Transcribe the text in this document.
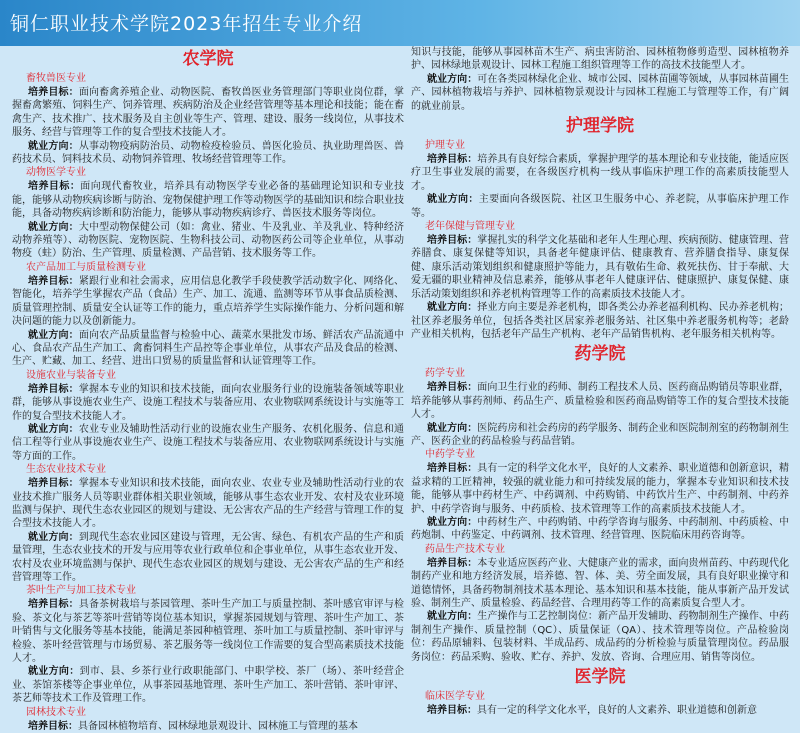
铜仁职业技术学院2023年招生专业介绍
农学院
畜牧兽医专业
培养目标：面向畜禽养殖企业、动物医院、畜牧兽医业务管理部门等职业岗位群，掌握畜禽繁殖、饲料生产、饲养管理、疾病防治及企业经营管理等基本理论和技能；能在畜禽生产、技术推广、技术服务及自主创业等生产、管理、建设、服务一线岗位，从事技术服务、经营与管理等工作的复合型技术技能人才。
就业方向：从事动物疫病防治员、动物检疫检验员、兽医化验员、执业助理兽医、兽药技术员、饲料技术员、动物饲养管理、牧场经营管理等工作。
动物医学专业
培养目标：面向现代畜牧业，培养具有动物医学专业必备的基础理论知识和专业技能，能够从动物疾病诊断与防治、宠物保健护理工作等动物医学的基础知识和综合职业技能，具备动物疾病诊断和防治能力，能够从事动物疾病诊疗、兽医技术服务等岗位。
就业方向：大中型动物保健公司（如：禽业、猪业、牛及乳业、羊及乳业、特种经济动物养殖等）、动物医院、宠物医院、生物科技公司、动物医药公司等企业单位，从事动物疫（蛀）防治、生产管理、质量检测、产品营销、技术服务等工作。
农产品加工与质量检测专业
培养目标：紧跟行业和社会需求，应用信息化教学手段使教学活动数字化、网络化、智能化，培养学生掌握农产品（食品）生产、加工、流通、监测等环节从事食品质检测、质量管理控制、质量安全认证等工作的能力，重点培养学生实际操作能力、分析问题和解决问题的能力以及创新能力。
就业方向：面向农产品质量监督与检验中心、蔬菜水果批发市场、鲜活农产品流通中心、食品农产品生产加工、禽畜饲料生产品控等企事业单位，从事农产品及食品的检测、生产、贮藏、加工、经营、进出口贸易的质量监督和认证管理等工作。
设施农业与装备专业
培养目标：掌握本专业的知识和技术技能，面向农业服务行业的设施装备领域等职业群，能够从事设施农业生产、设施工程技术与装备应用、农业物联网系统设计与实施等工作的复合型技术技能人才。
就业方向：农业专业及辅助性活动行业的设施农业生产服务、农机化服务、信息和通信工程等行业从事设施农业生产、设施工程技术与装备应用、农业物联网系统设计与实施等方面的工作。
生态农业技术专业
培养目标：掌握本专业知识和技术技能，面向农业、农业专业及辅助性活动行业的农业技术推广服务人员等职业群体相关职业领域，能够从事生态农业开发、农村及农业环境监测与保护、现代生态农业园区的规划与建设、无公害农产品的生产经营与管理工作的复合型技术技能人才。
就业方向：到现代生态农业园区建设与管理，无公害、绿色、有机农产品的生产和质量管理，生态农业技术的开发与应用等农业行政单位和企事业单位，从事生态农业开发、农村及农业环境监测与保护、现代生态农业园区的规划与建设、无公害农产品的生产和经营管理等工作。
茶叶生产与加工技术专业
培养目标：具备茶树栽培与茶园管理、茶叶生产加工与质量控制、茶叶感官审评与检验、茶文化与茶艺等茶叶营销等岗位基本知识，掌握茶园规划与管理、茶叶生产加工、茶叶销售与文化服务等基本技能，能满足茶园种植管理、茶叶加工与质量控制、茶叶审评与检验、茶叶经营管理与市场贸易、茶艺服务等一线岗位工作需要的复合型高素质技术技能人才。
就业方向：到市、县、乡茶行业行政职能部门、中职学校、茶厂（场）、茶叶经营企业、茶馆茶楼等企事业单位，从事茶园基地管理、茶叶生产加工、茶叶营销、茶叶审评、茶艺师等技术工作及管理工作。
园林技术专业
培养目标：具备园林植物培育、园林绿地景观设计、园林施工与管理的基本
知识与技能，能够从事园林苗木生产、病虫害防治、园林植物修剪造型、园林植物养护、园林绿地景观设计、园林工程施工组织管理等工作的高技术技能型人才。
就业方向：可在各类园林绿化企业、城市公园、园林苗圃等领域，从事园林苗圃生产、园林植物栽培与养护、园林植物景观设计与园林工程施工与管理等工作，有广阔的就业前景。
护理学院
护理专业
培养目标：培养具有良好综合素质，掌握护理学的基本理论和专业技能，能适应医疗卫生事业发展的需要，在各级医疗机构一线从事临床护理工作的高素质技能型人才。
就业方向：主要面向各级医院、社区卫生服务中心、养老院，从事临床护理工作等。
老年保健与管理专业
培养目标：掌握扎实的科学文化基础和老年人生理心理、疾病预防、健康管理、营养膳食、康复保健等知识，具备老年健康评估、健康教育、营养膳食指导、康复保健、康乐活动策划组织和健康照护等能力，具有敬佑生命、救死扶伤、甘于奉献、大爱无疆的职业精神及信息素养，能够从事老年人健康评估、健康照护、康复保健、康乐活动策划组织和养老机构管理等工作的高素质技术技能人才。
就业方向：择业方向主要是养老机构，即各类公办养老福利机构、民办养老机构；社区养老服务单位，包括各类社区居家养老服务站、社区集中养老服务机构等；老龄产业相关机构，包括老年产品生产机构、老年产品销售机构、老年服务相关机构等。
药学院
药学专业
培养目标：面向卫生行业的药师、制药工程技术人员、医药商品购销员等职业群，培养能够从事药剂师、药品生产、质量检验和医药商品购销等工作的复合型技术技能人才。
就业方向：医院药房和社会药房的药学服务、制药企业和医院制剂室的药物制剂生产、医药企业的药品检验与药品营销。
中药学专业
培养目标：具有一定的科学文化水平，良好的人文素养、职业道德和创新意识，精益求精的工匠精神，较强的就业能力和可持续发展的能力，掌握本专业知识和技术技能，能够从事中药材生产、中药调剂、中药购销、中药饮片生产、中药制剂、中药养护、中药学咨询与服务、中药质检、技术管理等工作的高素质技术技能人才。
就业方向：中药材生产、中药购销、中药学咨询与服务、中药制剂、中药质检、中药炮制、中药鉴定、中药调剂、技术管理、经营管理、医院临床用药咨询等。
药品生产技术专业
培养目标：本专业适应医药产业、大健康产业的需求，面向贵州苗药、中药现代化制药产业和地方经济发展，培养德、智、体、美、劳全面发展，具有良好职业操守和道德情怀，具备药物制剂技术基本理论、基本知识和基本技能，能从事新产品开发试验、制剂生产、质量检验、药品经营、合理用药等工作的高素质复合型人才。
就业方向：生产操作与工艺控制岗位：新产品开发辅助、药物制剂生产操作、中药制剂生产操作、质量控制（QC）、质量保证（QA）、技术管理等岗位。产品检验岗位：药品原辅料、包装材料、半成品药、成品药的分析检验与质量管理岗位。药品服务岗位：药品采购、验收、贮存、养护、发放、咨询、合理应用、销售等岗位。
医学院
临床医学专业
培养目标：具有一定的科学文化水平，良好的人文素养、职业道德和创新意
